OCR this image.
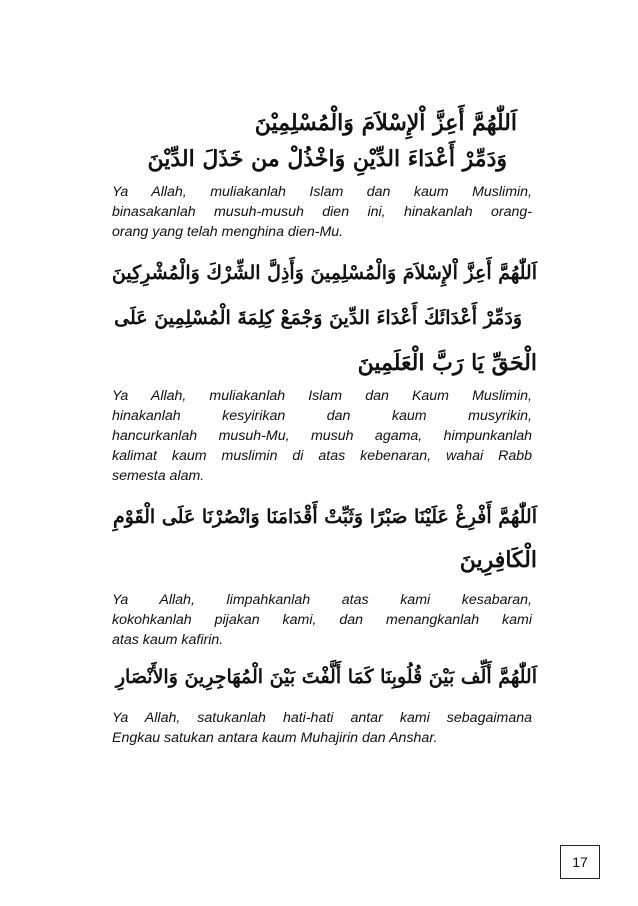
اَللّٰهُمَّ أَعِزَّ اْلإِسْلاَمَ وَالْمُسْلِمِيْنَ
وَدَمِّرْ أَعْدَاءَ الدِّيْنِ وَاخْذُلْ من خَذَلَ الدِّيْنَ
Ya Allah, muliakanlah Islam dan kaum Muslimin,
binasakanlah musuh-musuh dien ini, hinakanlah orang-
orang yang telah menghina dien-Mu.
اَللّٰهُمَّ أَعِزَّ اْلإِسْلاَمَ وَالْمُسْلِمِينَ وَأَذِلَّ الشِّرْكَ وَالْمُشْرِكِينَ
وَدَمِّرْ أَعْدَائَكَ أَعْدَاءَ الدِّينَ وَجْمَعْ كِلِمَةَ الْمُسْلِمِينَ عَلَى
الْحَقِّ يَا رَبَّ الْعَلَمِينَ
Ya Allah, muliakanlah Islam dan Kaum Muslimin,
hinakanlah kesyirikan dan kaum musyrikin,
hancurkanlah musuh-Mu, musuh agama, himpunkanlah
kalimat kaum muslimin di atas kebenaran, wahai Rabb
semesta alam.
اَللّٰهُمَّ أَفْرِغْ عَلَيْنَا صَبْرًا وَثَبِّتْ أَقْدَامَنَا وَانْصُرْنَا عَلَى الْقَوْمِ
الْكَافِرِينَ
Ya Allah, limpahkanlah atas kami kesabaran,
kokohkanlah pijakan kami, dan menangkanlah kami
atas kaum kafirin.
اَللّٰهُمَّ أَلِّف بَيْنَ قُلُوبِنَا كَمَا أَلَّفْتَ بَيْنَ الْمُهَاجِرِينَ وَالأَنْصَارِ
Ya Allah, satukanlah hati-hati antar kami sebagaimana
Engkau satukan antara kaum Muhajirin dan Anshar.
17
